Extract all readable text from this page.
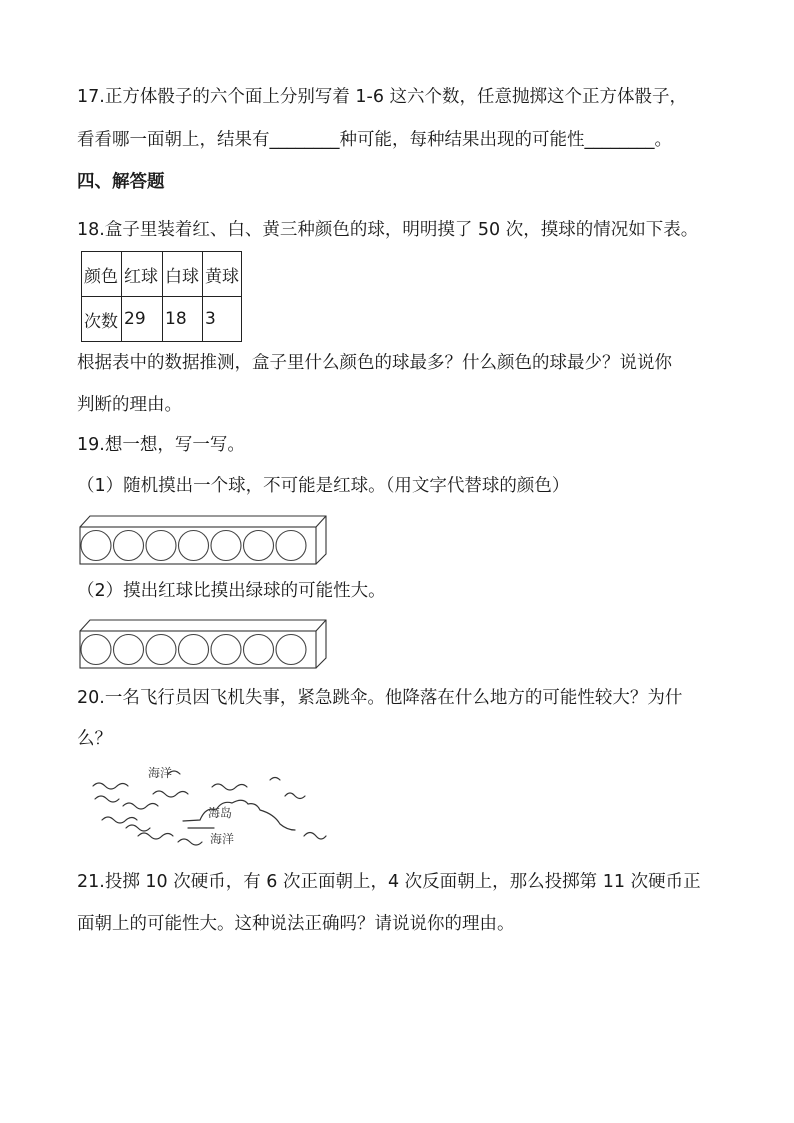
17.正方体骰子的六个面上分别写着 1-6 这六个数，任意抛掷这个正方体骰子，
看看哪一面朝上，结果有________种可能，每种结果出现的可能性________。
四、解答题
18.盒子里装着红、白、黄三种颜色的球，明明摸了 50 次，摸球的情况如下表。
颜色	红球	白球	黄球
次数	29	18	3
根据表中的数据推测，盒子里什么颜色的球最多？什么颜色的球最少？说说你
判断的理由。
19.想一想，写一写。
（1）随机摸出一个球，不可能是红球。（用文字代替球的颜色）
（2）摸出红球比摸出绿球的可能性大。
20.一名飞行员因飞机失事，紧急跳伞。他降落在什么地方的可能性较大？为什
么？
海洋
海岛
海洋
21.投掷 10 次硬币，有 6 次正面朝上，4 次反面朝上，那么投掷第 11 次硬币正
面朝上的可能性大。这种说法正确吗？请说说你的理由。
